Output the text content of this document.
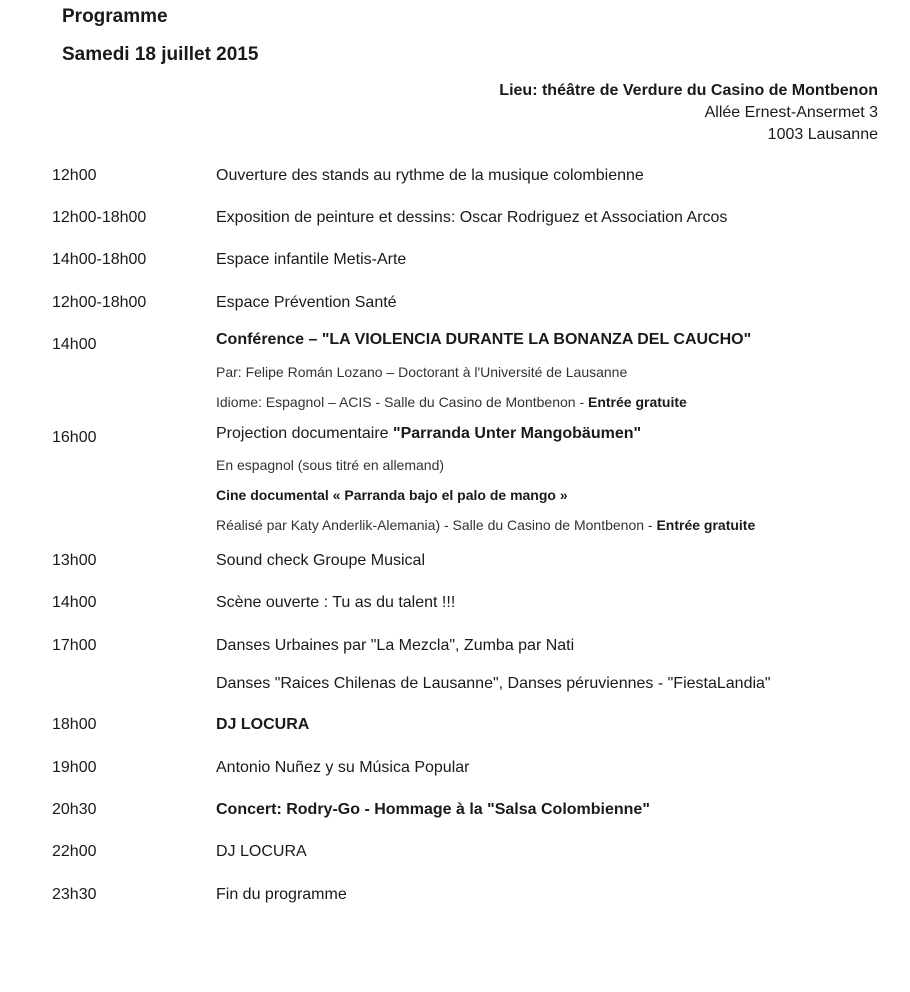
Programme
Samedi 18 juillet 2015
Lieu: théâtre de Verdure du Casino de Montbenon
Allée Ernest-Ansermet 3
1003 Lausanne
12h00	Ouverture des stands au rythme de la musique colombienne
12h00-18h00	Exposition de peinture et dessins: Oscar Rodriguez et Association Arcos
14h00-18h00	Espace infantile Metis-Arte
12h00-18h00	Espace Prévention Santé
14h00	Conférence – "LA VIOLENCIA DURANTE LA BONANZA DEL CAUCHO"
Par: Felipe Román Lozano – Doctorant à l'Université de Lausanne
Idiome: Espagnol – ACIS - Salle du Casino de Montbenon - Entrée gratuite
16h00	Projection documentaire "Parranda Unter Mangobäumen"
En espagnol (sous titré en allemand)
Cine documental « Parranda bajo el palo de mango »
Réalisé par Katy Anderlik-Alemania) - Salle du Casino de Montbenon - Entrée gratuite
13h00	Sound check Groupe Musical
14h00	Scène ouverte : Tu as du talent !!!
17h00	Danses Urbaines par "La Mezcla", Zumba par Nati
Danses "Raices Chilenas de Lausanne", Danses péruviennes - "FiestaLandia"
18h00	DJ LOCURA
19h00	Antonio Nuñez y su Música Popular
20h30	Concert: Rodry-Go - Hommage à la "Salsa Colombienne"
22h00	DJ LOCURA
23h30	Fin du programme
